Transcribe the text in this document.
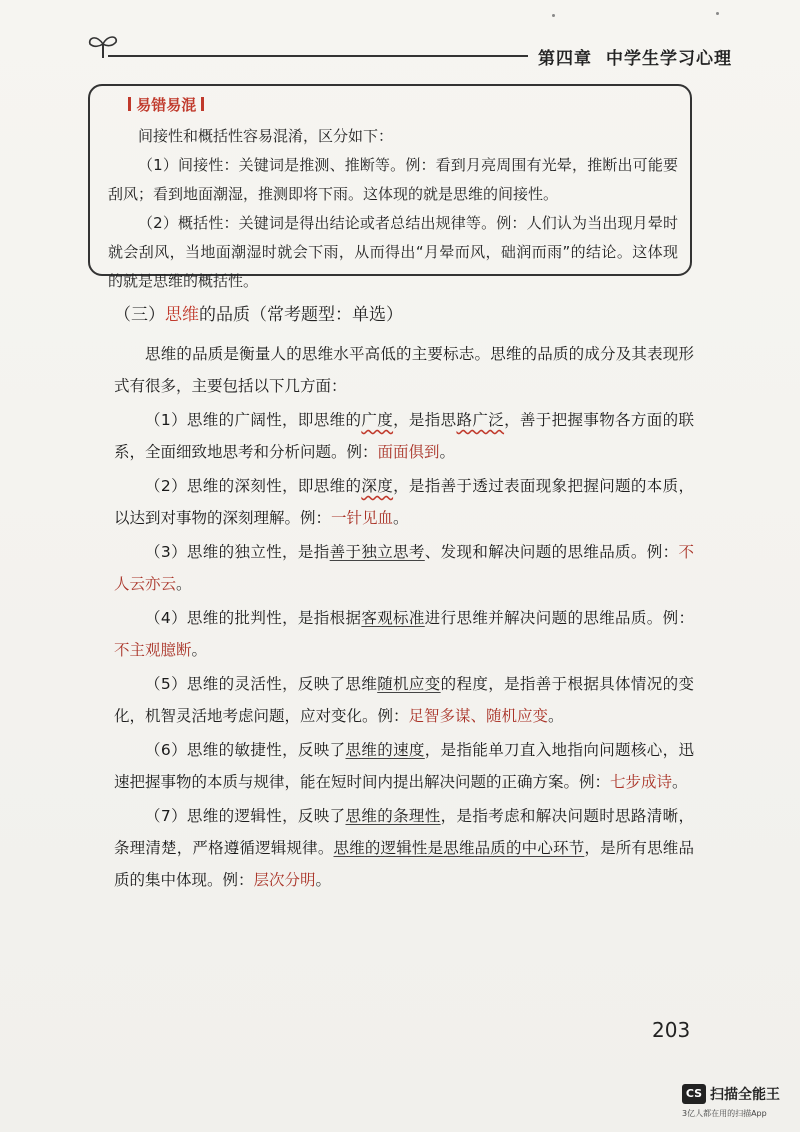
第四章 中学生学习心理
易错易混

间接性和概括性容易混淆，区分如下：

（1）间接性：关键词是推测、推断等。例：看到月亮周围有光晕，推断出可能要刮风；看到地面潮湿，推测即将下雨。这体现的就是思维的间接性。

（2）概括性：关键词是得出结论或者总结出规律等。例：人们认为当出现月晕时就会刮风，当地面潮湿时就会下雨，从而得出“月晕而风，础润而雨”的结论。这体现的就是思维的概括性。

（三）思维的品质（常考题型：单选）

思维的品质是衡量人的思维水平高低的主要标志。思维的品质的成分及其表现形式有很多，主要包括以下几方面：

（1）思维的广阔性，即思维的广度，是指思路广泛，善于把握事物各方面的联系，全面细致地思考和分析问题。例：面面俱到。

（2）思维的深刻性，即思维的深度，是指善于透过表面现象把握问题的本质，以达到对事物的深刻理解。例：一针见血。

（3）思维的独立性，是指善于独立思考、发现和解决问题的思维品质。例：不人云亦云。

（4）思维的批判性，是指根据客观标准进行思维并解决问题的思维品质。例：不主观臆断。

（5）思维的灵活性，反映了思维随机应变的程度，是指善于根据具体情况的变化，机智灵活地考虑问题，应对变化。例：足智多谋、随机应变。

（6）思维的敏捷性，反映了思维的速度，是指能单刀直入地指向问题核心，迅速把握事物的本质与规律，能在短时间内提出解决问题的正确方案。例：七步成诗。

（7）思维的逻辑性，反映了思维的条理性，是指考虑和解决问题时思路清晰，条理清楚，严格遵循逻辑规律。思维的逻辑性是思维品质的中心环节，是所有思维品质的集中体现。例：层次分明。

203
CS 扫描全能王
3亿人都在用的扫描App
